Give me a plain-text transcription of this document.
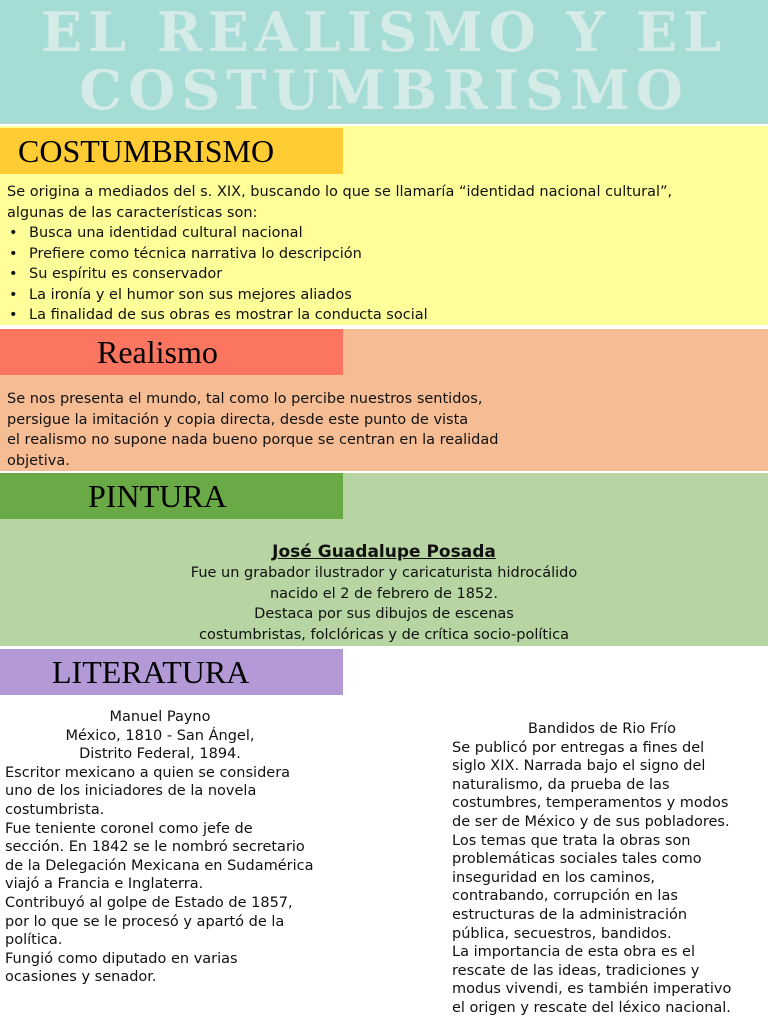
EL REALISMO Y EL
COSTUMBRISMO
COSTUMBRISMO

Se origina a mediados del s. XIX, buscando lo que se llamaría “identidad nacional cultural”,

algunas de las características son:

• Busca una identidad cultural nacional
• Prefiere como técnica narrativa lo descripción
• Su espíritu es conservador
• La ironía y el humor son sus mejores aliados
• La finalidad de sus obras es mostrar la conducta social
Realismo

Se nos presenta el mundo, tal como lo percibe nuestros sentidos,

persigue la imitación y copia directa, desde este punto de vista

el realismo no supone nada bueno porque se centran en la realidad

objetiva.

PINTURA

José Guadalupe Posada

Fue un grabador ilustrador y caricaturista hidrocálido

nacido el 2 de febrero de 1852.

Destaca por sus dibujos de escenas

costumbristas, folclóricas y de crítica socio-política

LITERATURA

Manuel Payno

México, 1810 - San Ángel,

Distrito Federal, 1894.

Escritor mexicano a quien se considera

uno de los iniciadores de la novela

costumbrista.

Fue teniente coronel como jefe de

sección. En 1842 se le nombró secretario

de la Delegación Mexicana en Sudamérica

viajó a Francia e Inglaterra.

Contribuyó al golpe de Estado de 1857,

por lo que se le procesó y apartó de la

política.

Fungió como diputado en varias

ocasiones y senador.

Bandidos de Rio Frío

Se publicó por entregas a fines del

siglo XIX. Narrada bajo el signo del

naturalismo, da prueba de las

costumbres, temperamentos y modos

de ser de México y de sus pobladores.

Los temas que trata la obras son

problemáticas sociales tales como

inseguridad en los caminos,

contrabando, corrupción en las

estructuras de la administración

pública, secuestros, bandidos.

La importancia de esta obra es el

rescate de las ideas, tradiciones y

modus vivendi, es también imperativo

el origen y rescate del léxico nacional.
